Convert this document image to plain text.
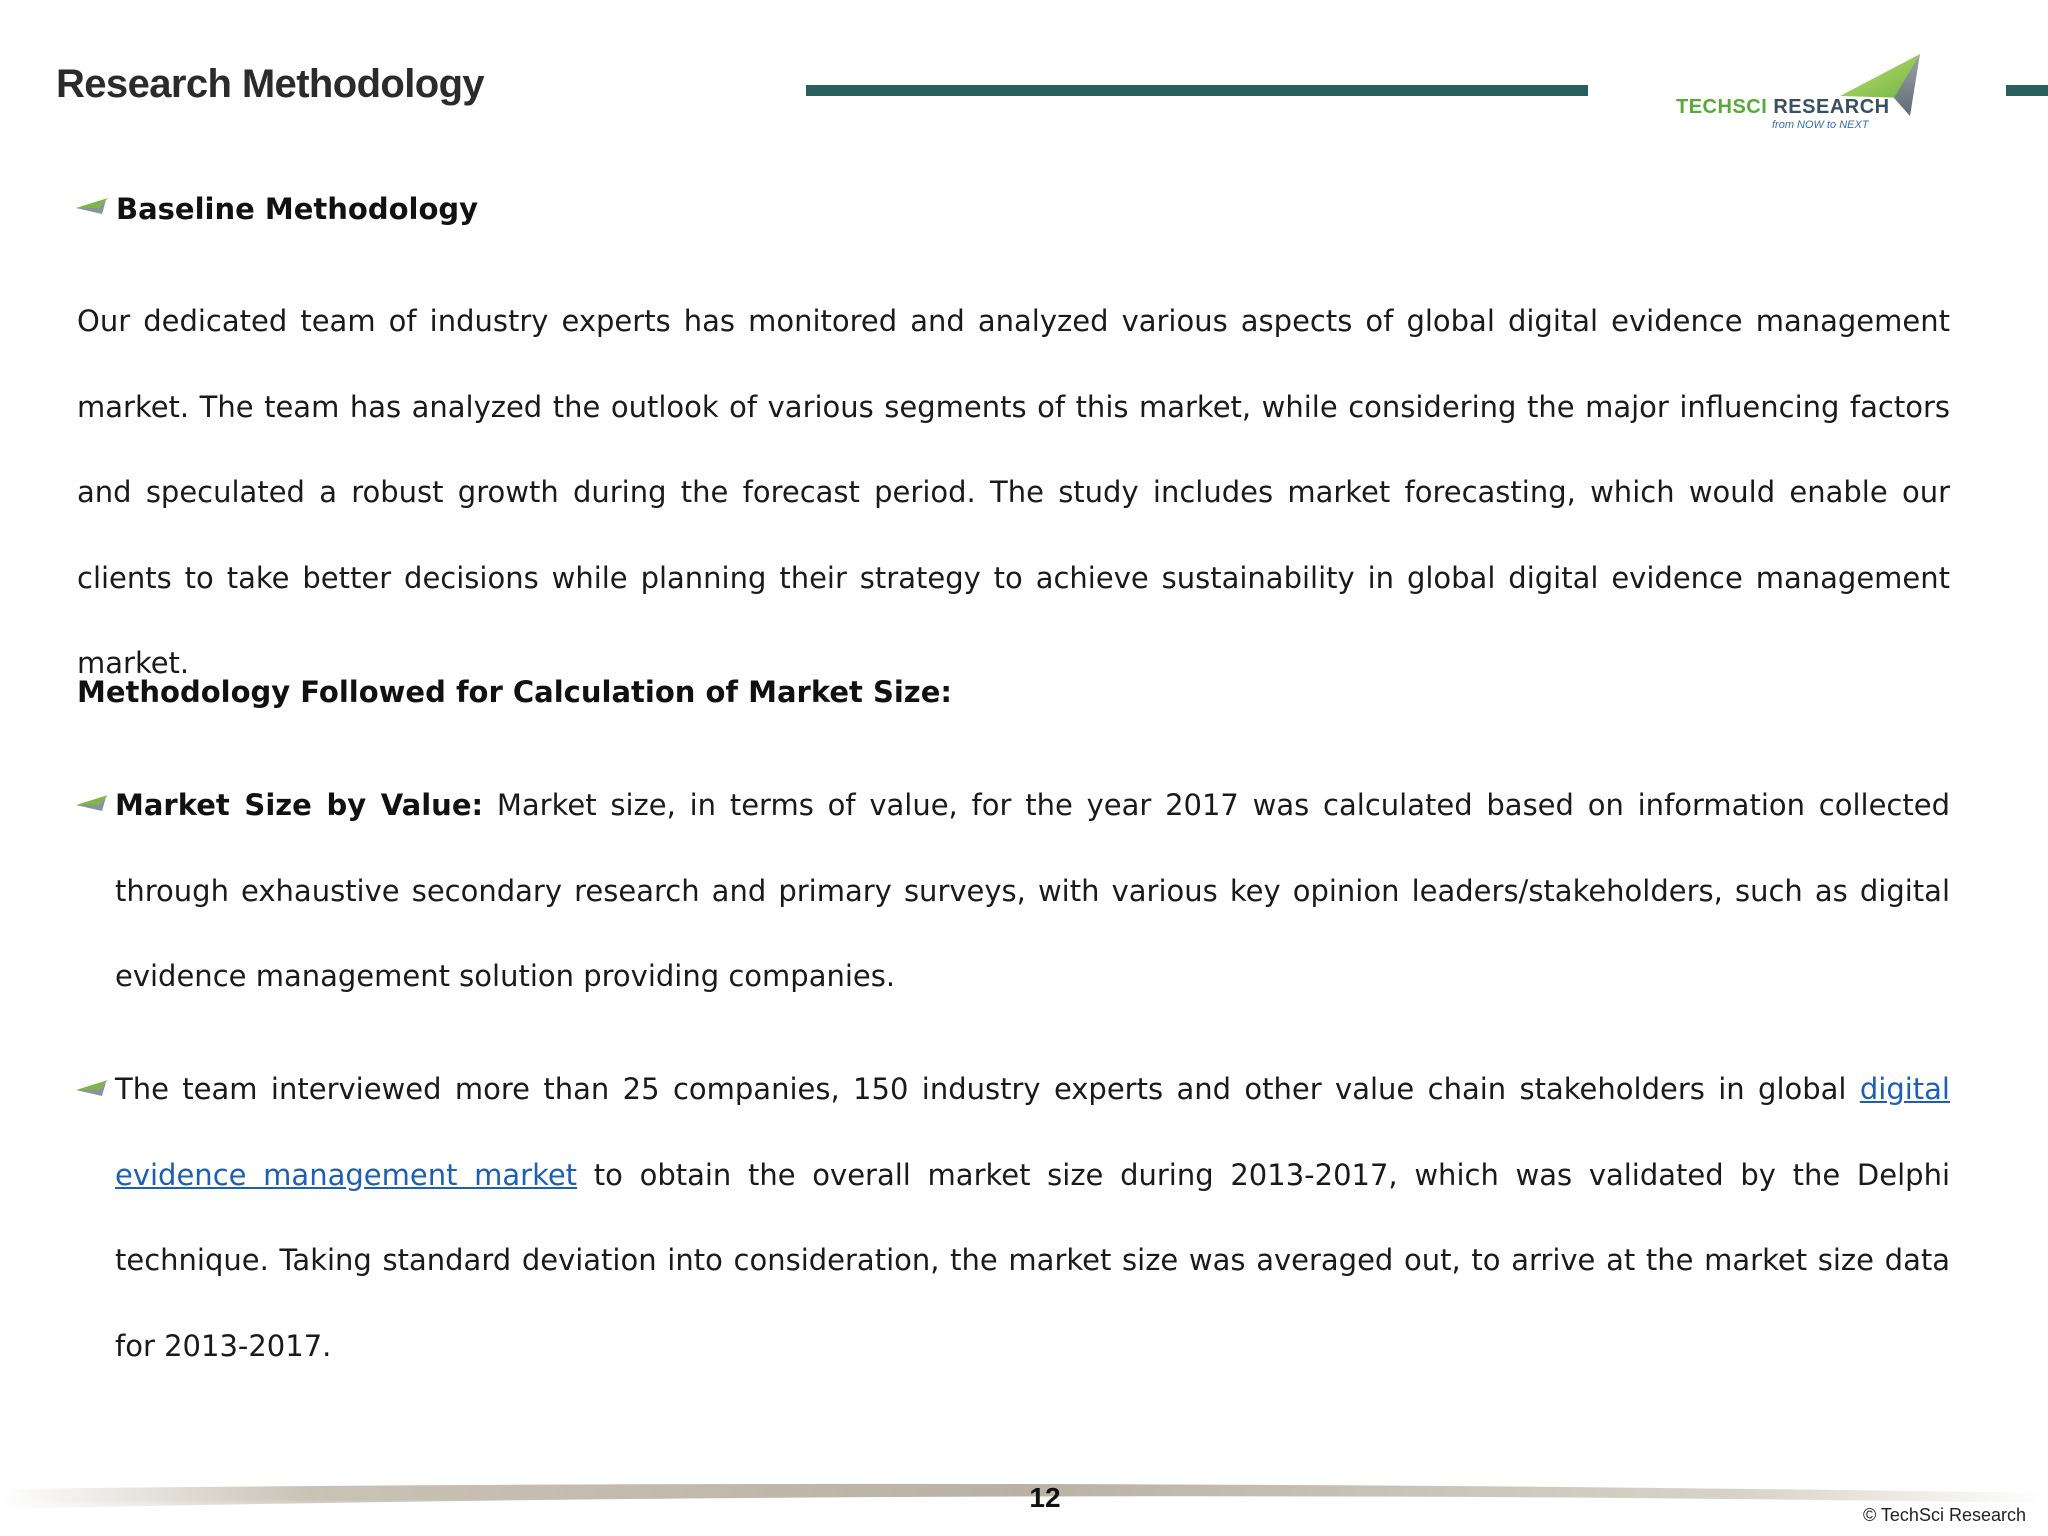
Research Methodology
TECHSCI RESEARCH
from NOW to NEXT
Baseline Methodology
Our dedicated team of industry experts has monitored and analyzed various aspects of global digital evidence management market. The team has analyzed the outlook of various segments of this market, while considering the major influencing factors and speculated a robust growth during the forecast period. The study includes market forecasting, which would enable our clients to take better decisions while planning their strategy to achieve sustainability in global digital evidence management market.
Methodology Followed for Calculation of Market Size:
Market Size by Value: Market size, in terms of value, for the year 2017 was calculated based on information collected through exhaustive secondary research and primary surveys, with various key opinion leaders/stakeholders, such as digital evidence management solution providing companies.
The team interviewed more than 25 companies, 150 industry experts and other value chain stakeholders in global digital evidence management market to obtain the overall market size during 2013-2017, which was validated by the Delphi technique. Taking standard deviation into consideration, the market size was averaged out, to arrive at the market size data for 2013-2017.
12
© TechSci Research
